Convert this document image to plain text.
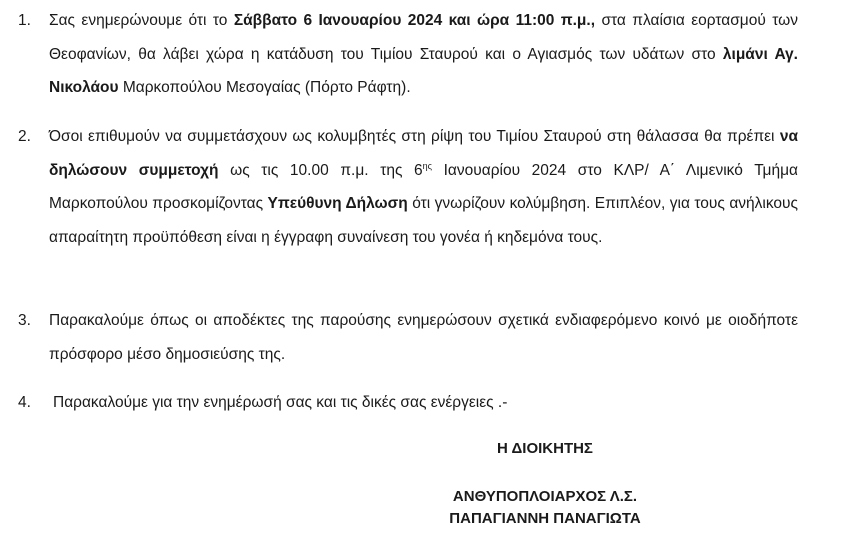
1. Σας ενημερώνουμε ότι το Σάββατο 6 Ιανουαρίου 2024 και ώρα 11:00 π.μ., στα πλαίσια εορτασμού των Θεοφανίων, θα λάβει χώρα η κατάδυση του Τιμίου Σταυρού και ο Αγιασμός των υδάτων στο λιμάνι Αγ. Νικολάου Μαρκοπούλου Μεσογαίας (Πόρτο Ράφτη).

2. Όσοι επιθυμούν να συμμετάσχουν ως κολυμβητές στη ρίψη του Τιμίου Σταυρού στη θάλασσα θα πρέπει να δηλώσουν συμμετοχή ως τις 10.00 π.μ. της $6^{\eta\varsigma}$ Ιανουαρίου 2024 στο ΚΛΡ/ Α΄ Λιμενικό Τμήμα Μαρκοπούλου προσκομίζοντας Υπεύθυνη Δήλωση ότι γνωρίζουν κολύμβηση. Επιπλέον, για τους ανήλικους απαραίτητη προϋπόθεση είναι η έγγραφη συναίνεση του γονέα ή κηδεμόνα τους.

3. Παρακαλούμε όπως οι αποδέκτες της παρούσης ενημερώσουν σχετικά ενδιαφερόμενο κοινό με οιοδήποτε πρόσφορο μέσο δημοσιεύσης της.

4. Παρακαλούμε για την ενημέρωσή σας και τις δικές σας ενέργειες .-

Η ΔΙΟΙΚΗΤΗΣ
ΑΝΘΥΠΟΠΛΟΙΑΡΧΟΣ Λ.Σ.
ΠΑΠΑΓΙΑΝΝΗ ΠΑΝΑΓΙΩΤΑ
